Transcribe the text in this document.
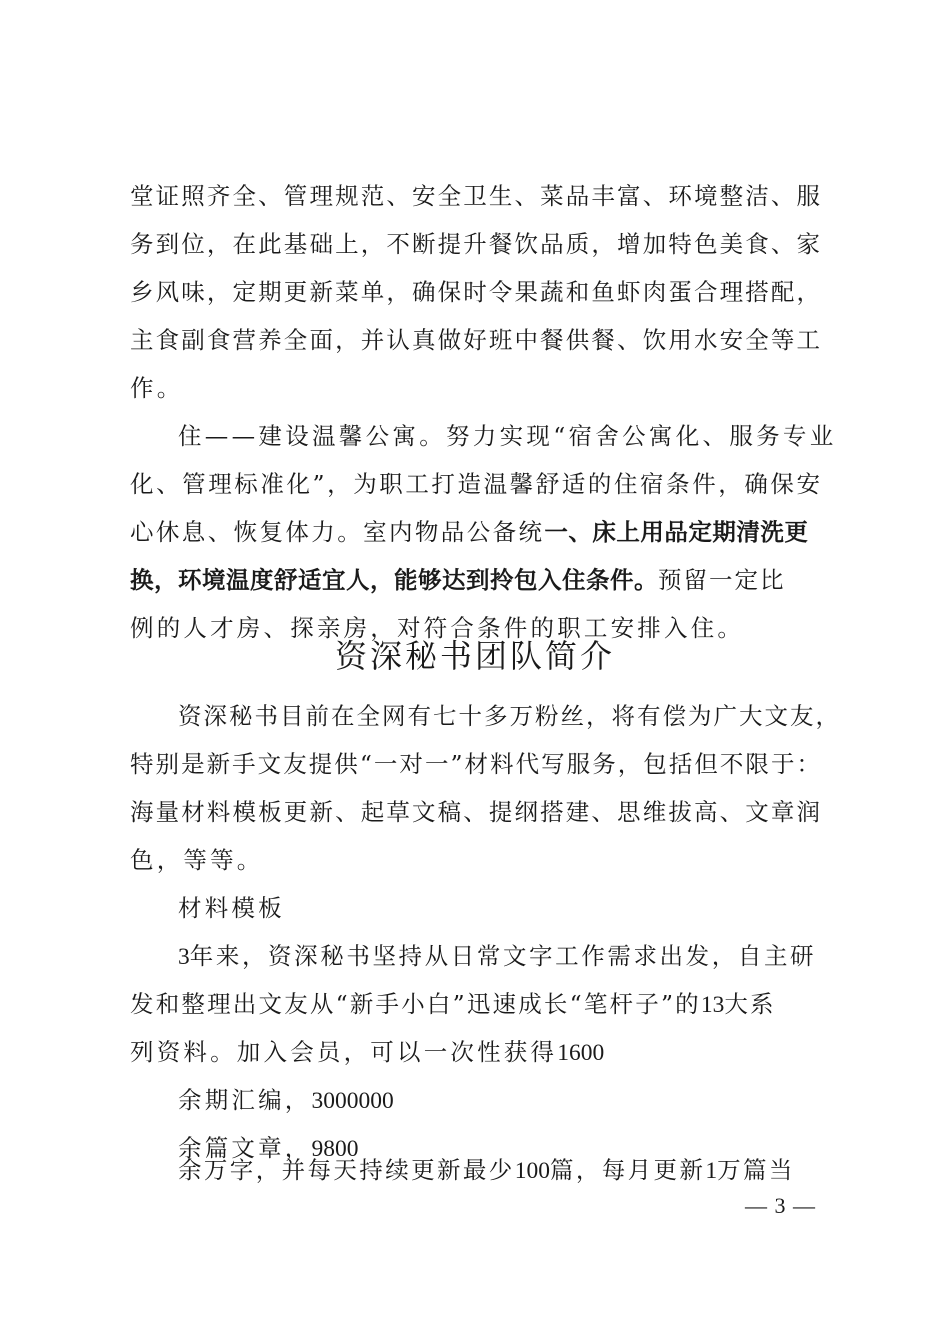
堂证照齐全、管理规范、安全卫生、菜品丰富、环境整洁、服
务到位，在此基础上，不断提升餐饮品质，增加特色美食、家
乡风味，定期更新菜单，确保时令果蔬和鱼虾肉蛋合理搭配，
主食副食营养全面，并认真做好班中餐供餐、饮用水安全等工
作。
住——建设温馨公寓。努力实现“宿舍公寓化、服务专业
化、管理标准化”，为职工打造温馨舒适的住宿条件，确保安
心休息、恢复体力。室内物品公备统一、床上用品定期清洗更
换，环境温度舒适宜人，能够达到拎包入住条件。预留一定比
例的人才房、探亲房，对符合条件的职工安排入住。
资深秘书团队简介
资深秘书目前在全网有七十多万粉丝，将有偿为广大文友，
特别是新手文友提供“一对一”材料代写服务，包括但不限于：
海量材料模板更新、起草文稿、提纲搭建、思维拔高、文章润
色，等等。
材料模板
3年来，资深秘书坚持从日常文字工作需求出发，自主研
发和整理出文友从“新手小白”迅速成长“笔杆子”的13大系
列资料。加入会员，可以一次性获得1600
余期汇编，3000000
余篇文章，9800
余万字，并每天持续更新最少100篇，每月更新1万篇当
— 3 —
